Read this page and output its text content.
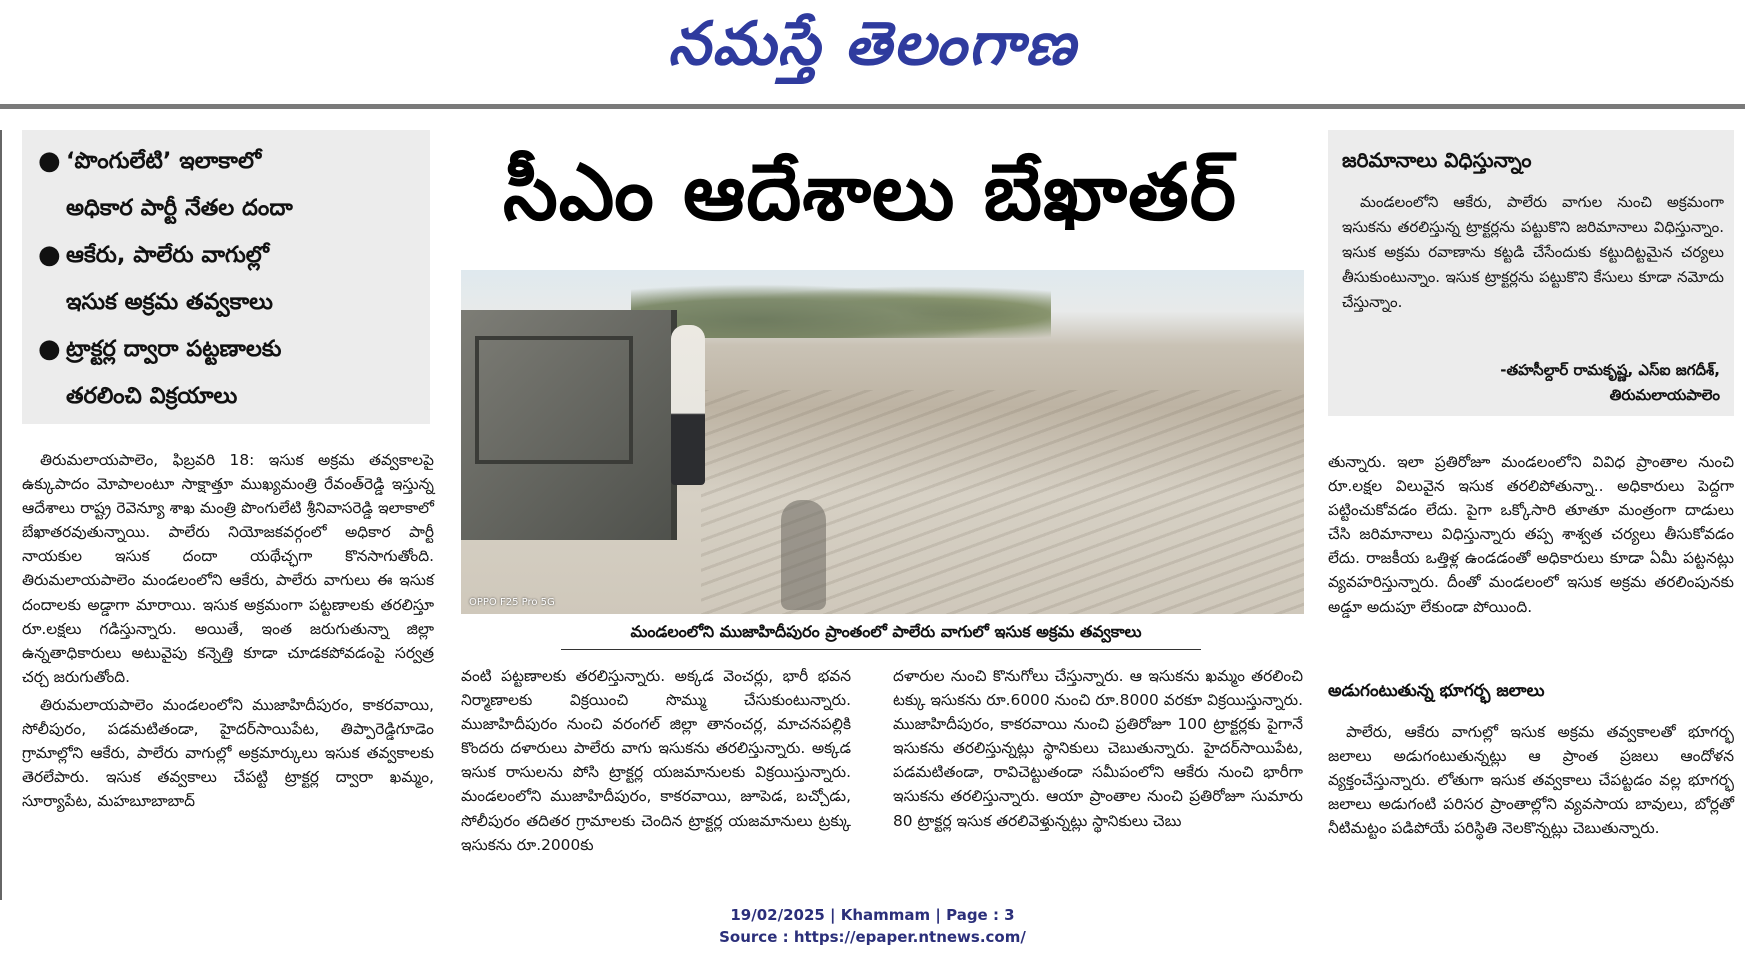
నమస్తే తెలంగాణ
● ‘పొంగులేటి’ ఇలాకాలో
అధికార పార్టీ నేతల దందా
● ఆకేరు, పాలేరు వాగుల్లో
ఇసుక అక్రమ తవ్వకాలు
● ట్రాక్టర్ల ద్వారా పట్టణాలకు
తరలించి విక్రయాలు
సీఎం ఆదేశాలు బేఖాతర్
OPPO F25 Pro 5G
మండలంలోని ముజాహిదీపురం ప్రాంతంలో పాలేరు వాగులో ఇసుక అక్రమ తవ్వకాలు

తిరుమలాయపాలెం, ఫిబ్రవరి 18: ఇసుక అక్రమ తవ్వకాలపై ఉక్కుపాదం మోపాలంటూ సాక్షాత్తూ ముఖ్యమంత్రి రేవంత్‌రెడ్డి ఇస్తున్న ఆదేశాలు రాష్ట్ర రెవెన్యూ శాఖ మంత్రి పొంగులేటి శ్రీనివాసరెడ్డి ఇలాకాలో బేఖాతరవుతున్నాయి. పాలేరు నియోజకవర్గంలో అధికార పార్టీ నాయకుల ఇసుక దందా యథేచ్ఛగా కొనసాగుతోంది. తిరుమలాయపాలెం మండలంలోని ఆకేరు, పాలేరు వాగులు ఈ ఇసుక దందాలకు అడ్డాగా మారాయి. ఇసుక అక్రమంగా పట్టణాలకు తరలిస్తూ రూ.లక్షలు గడిస్తున్నారు. అయితే, ఇంత జరుగుతున్నా జిల్లా ఉన్నతాధికారులు అటువైపు కన్నెత్తి కూడా చూడకపోవడంపై సర్వత్ర చర్చ జరుగుతోంది.

తిరుమలాయపాలెం మండలంలోని ముజాహిదీపురం, కాకరవాయి, సోలీపురం, పడమటితండా, హైదర్‌సాయిపేట, తిప్పారెడ్డిగూడెం గ్రామాల్లోని ఆకేరు, పాలేరు వాగుల్లో అక్రమార్కులు ఇసుక తవ్వకాలకు తెరలేపారు. ఇసుక తవ్వకాలు చేపట్టి ట్రాక్టర్ల ద్వారా ఖమ్మం, సూర్యాపేట, మహబూబాబాద్

వంటి పట్టణాలకు తరలిస్తున్నారు. అక్కడ వెంచర్లు, భారీ భవన నిర్మాణాలకు విక్రయించి సొమ్ము చేసుకుంటున్నారు. ముజాహిదీపురం నుంచి వరంగల్ జిల్లా తానంచర్ల, మాచనపల్లికి కొందరు దళారులు పాలేరు వాగు ఇసుకను తరలిస్తున్నారు. అక్కడ ఇసుక రాసులను పోసి ట్రాక్టర్ల యజమానులకు విక్రయిస్తున్నారు. మండలంలోని ముజాహిదీపురం, కాకరవాయి, జూపెడ, బచ్చోడు, సోలీపురం తదితర గ్రామాలకు చెందిన ట్రాక్టర్ల యజమానులు ట్రక్కు ఇసుకను రూ.2000కు

దళారుల నుంచి కొనుగోలు చేస్తున్నారు. ఆ ఇసుకను ఖమ్మం తరలించి టక్కు ఇసుకను రూ.6000 నుంచి రూ.8000 వరకూ విక్రయిస్తున్నారు. ముజాహిదీపురం, కాకరవాయి నుంచి ప్రతిరోజూ 100 ట్రాక్టర్లకు పైగానే ఇసుకను తరలిస్తున్నట్లు స్థానికులు చెబుతున్నారు. హైదర్‌సాయిపేట, పడమటితండా, రావిచెట్టుతండా సమీపంలోని ఆకేరు నుంచి భారీగా ఇసుకను తరలిస్తున్నారు. ఆయా ప్రాంతాల నుంచి ప్రతిరోజూ సుమారు 80 ట్రాక్టర్ల ఇసుక తరలివెళ్తున్నట్లు స్థానికులు చెబు

జరిమానాలు విధిస్తున్నాం
మండలంలోని ఆకేరు, పాలేరు వాగుల నుంచి అక్రమంగా ఇసుకను తరలిస్తున్న ట్రాక్టర్లను పట్టుకొని జరిమానాలు విధిస్తున్నాం. ఇసుక అక్రమ రవాణాను కట్టడి చేసేందుకు కట్టుదిట్టమైన చర్యలు తీసుకుంటున్నాం. ఇసుక ట్రాక్టర్లను పట్టుకొని కేసులు కూడా నమోదు చేస్తున్నాం.
-తహసీల్దార్ రామకృష్ణ, ఎస్ఐ జగదీశ్,
తిరుమలాయపాలెం

తున్నారు. ఇలా ప్రతిరోజూ మండలంలోని వివిధ ప్రాంతాల నుంచి రూ.లక్షల విలువైన ఇసుక తరలిపోతున్నా.. అధికారులు పెద్దగా పట్టించుకోవడం లేదు. పైగా ఒక్కోసారి తూతూ మంత్రంగా దాడులు చేసి జరిమానాలు విధిస్తున్నారు తప్ప శాశ్వత చర్యలు తీసుకోవడం లేదు. రాజకీయ ఒత్తిళ్ల ఉండడంతో అధికారులు కూడా ఏమీ పట్టనట్లు వ్యవహరిస్తున్నారు. దీంతో మండలంలో ఇసుక అక్రమ తరలింపునకు అడ్డూ అదుపూ లేకుండా పోయింది.

అడుగంటుతున్న భూగర్భ జలాలు
పాలేరు, ఆకేరు వాగుల్లో ఇసుక అక్రమ తవ్వకాలతో భూగర్భ జలాలు అడుగంటుతున్నట్లు ఆ ప్రాంత ప్రజలు ఆందోళన వ్యక్తంచేస్తున్నారు. లోతుగా ఇసుక తవ్వకాలు చేపట్టడం వల్ల భూగర్భ జలాలు అడుగంటి పరిసర ప్రాంతాల్లోని వ్యవసాయ బావులు, బోర్లతో నీటిమట్టం పడిపోయే పరిస్థితి నెలకొన్నట్లు చెబుతున్నారు.
19/02/2025 | Khammam | Page : 3
Source : https://epaper.ntnews.com/
